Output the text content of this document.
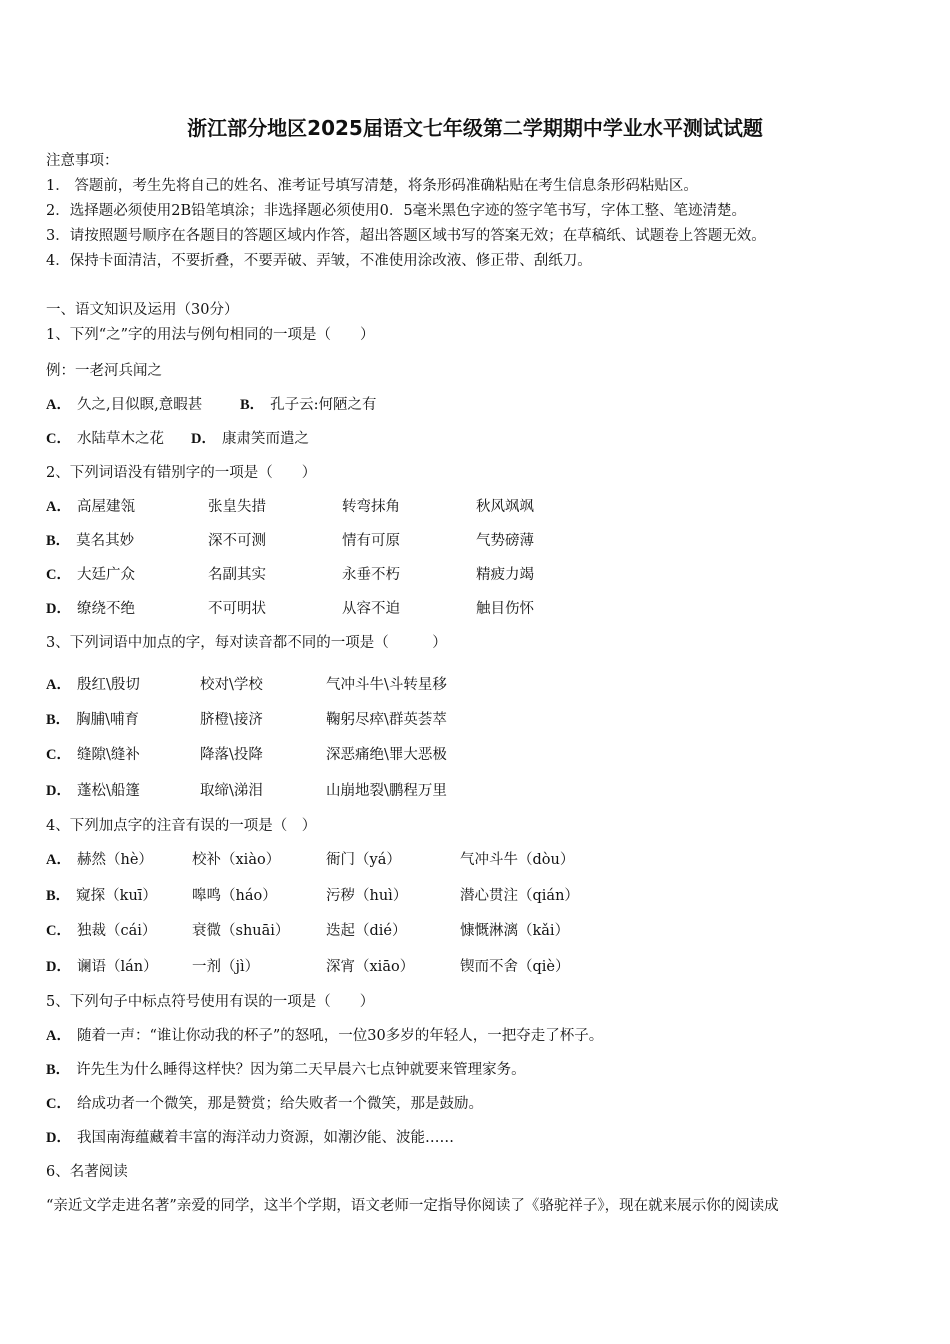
浙江部分地区2025届语文七年级第二学期期中学业水平测试试题
注意事项：
1． 答题前，考生先将自己的姓名、准考证号填写清楚，将条形码准确粘贴在考生信息条形码粘贴区。
2．选择题必须使用2B铅笔填涂；非选择题必须使用0．5毫米黑色字迹的签字笔书写，字体工整、笔迹清楚。
3．请按照题号顺序在各题目的答题区域内作答，超出答题区域书写的答案无效；在草稿纸、试题卷上答题无效。
4．保持卡面清洁，不要折叠，不要弄破、弄皱，不准使用涂改液、修正带、刮纸刀。
一、语文知识及运用（30分）
1、下列“之”字的用法与例句相同的一项是（　　）
例：一老河兵闻之
A． 久之,目似瞑,意暇甚	B． 孔子云:何陋之有
C． 水陆草木之花 D． 康肃笑而遣之
2、下列词语没有错别字的一项是（　　）
A． 高屋建瓴	张皇失措	转弯抹角	秋风飒飒
B． 莫名其妙	深不可测	情有可原	气势磅薄
C． 大廷广众	名副其实	永垂不朽	精疲力竭
D． 缭绕不绝	不可明状	从容不迫	触目伤怀
3、下列词语中加点的字，每对读音都不同的一项是（　　　）
A． 殷红\殷切	校对\学校	气冲斗牛\斗转星移
B． 胸脯\哺育	脐橙\接济	鞠躬尽瘁\群英荟萃
C． 缝隙\缝补	降落\投降	深恶痛绝\罪大恶极
D． 蓬松\船篷	取缔\涕泪	山崩地裂\鹏程万里
4、下列加点字的注音有误的一项是（　）
A． 赫然（hè）	校补（xiào）	衙门（yá）	气冲斗牛（dòu）
B． 窥探（kuī） 嗥鸣（háo）	污秽（huì）	潜心贯注（qián）
C． 独裁（cái） 衰微（shuāi）	迭起（dié）	慷慨淋漓（kǎi）
D． 谰语（lán） 一剂（jì）	深宵（xiāo）	锲而不舍（qiè）
5、下列句子中标点符号使用有误的一项是（　　）
A． 随着一声：“谁让你动我的杯子”的怒吼，一位30多岁的年轻人，一把夺走了杯子。
B． 许先生为什么睡得这样快？因为第二天早晨六七点钟就要来管理家务。
C． 给成功者一个微笑，那是赞赏；给失败者一个微笑，那是鼓励。
D． 我国南海蕴藏着丰富的海洋动力资源，如潮汐能、波能……
6、名著阅读
“亲近文学走进名著”亲爱的同学，这半个学期，语文老师一定指导你阅读了《骆驼祥子》，现在就来展示你的阅读成
